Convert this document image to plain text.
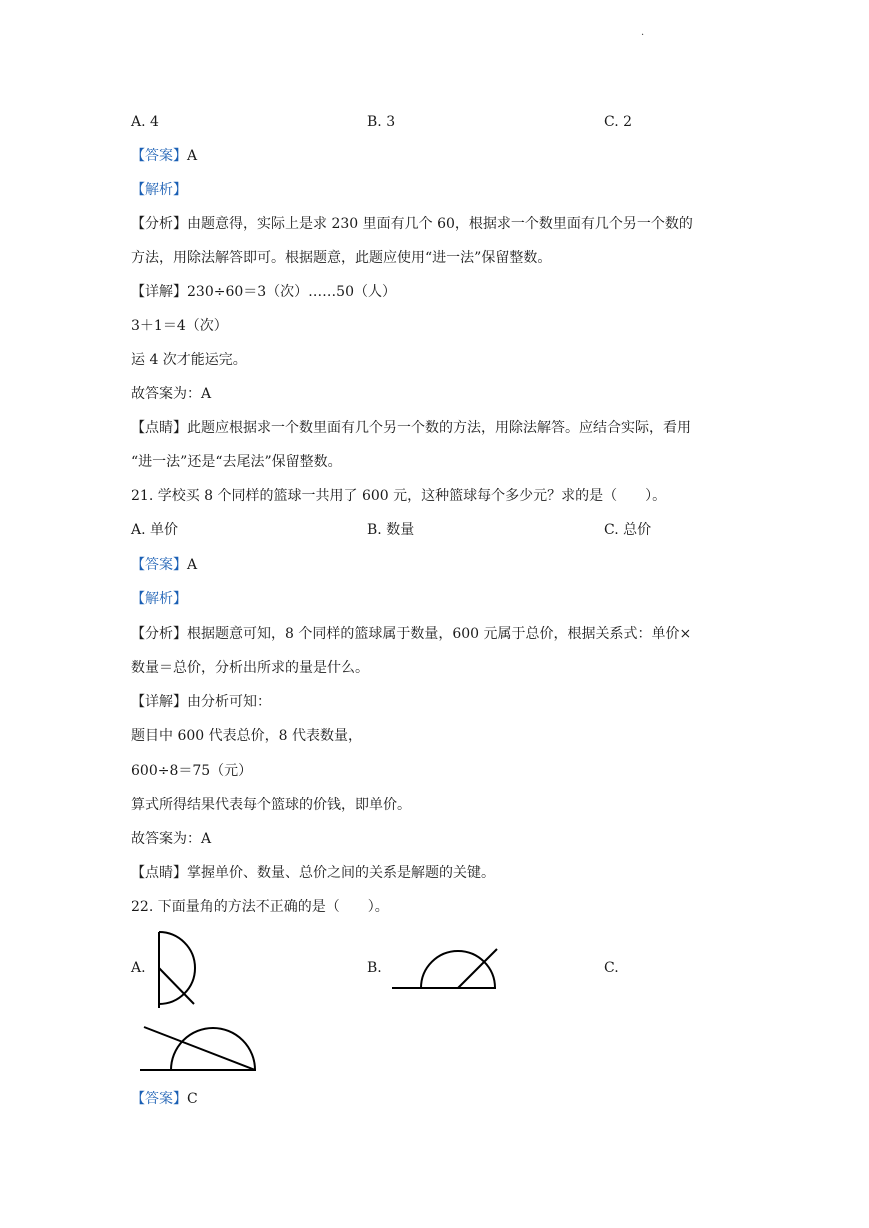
·
A. 4	B. 3	C. 2
【答案】A
【解析】
【分析】由题意得，实际上是求 230 里面有几个 60，根据求一个数里面有几个另一个数的
方法，用除法解答即可。根据题意，此题应使用“进一法”保留整数。
【详解】230÷60＝3（次）……50（人）
3＋1＝4（次）
运 4 次才能运完。
故答案为：A
【点睛】此题应根据求一个数里面有几个另一个数的方法，用除法解答。应结合实际，看用
“进一法”还是“去尾法”保留整数。
21. 学校买 8 个同样的篮球一共用了 600 元，这种篮球每个多少元？求的是（　　）。
A. 单价	B. 数量	C. 总价
【答案】A
【解析】
【分析】根据题意可知，8 个同样的篮球属于数量，600 元属于总价，根据关系式：单价×
数量＝总价，分析出所求的量是什么。
【详解】由分析可知：
题目中 600 代表总价，8 代表数量，
600÷8＝75（元）
算式所得结果代表每个篮球的价钱，即单价。
故答案为：A
【点睛】掌握单价、数量、总价之间的关系是解题的关键。
22. 下面量角的方法不正确的是（　　）。
A.	B.	C.
【答案】C
